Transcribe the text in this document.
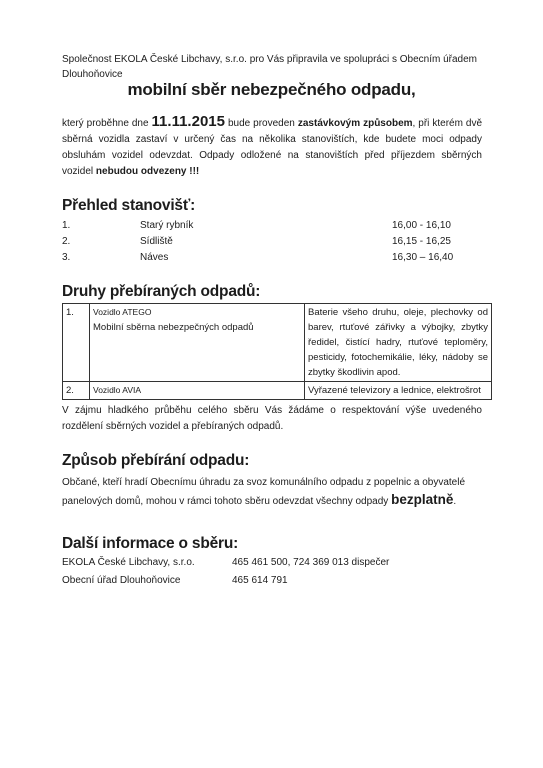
Společnost EKOLA České Libchavy, s.r.o. pro Vás připravila ve spolupráci s Obecním úřadem
Dlouhoňovice
mobilní sběr nebezpečného odpadu,
který proběhne dne 11.11.2015 bude proveden zastávkovým způsobem, při kterém dvě sběrná vozidla zastaví v určený čas na několika stanovištích, kde budete moci odpady obsluhám vozidel odevzdat. Odpady odložené na stanovištích před příjezdem sběrných vozidel nebudou odvezeny !!!
Přehled stanovišť:
1.	Starý rybník	16,00 - 16,10
2.	Sídliště	16,15 - 16,25
3.	Náves	16,30 – 16,40
Druhy přebíraných odpadů:
1.	Vozidlo ATEGO
Mobilní sběrna nebezpečných odpadů	Baterie všeho druhu, oleje, plechovky od barev, rtuťové zářivky a výbojky, zbytky ředidel, čistící hadry, rtuťové teploměry, pesticidy, fotochemikálie, léky, nádoby se zbytky škodlivin apod.
2.	Vozidlo AVIA	Vyřazené televizory a lednice, elektrošrot
V zájmu hladkého průběhu celého sběru Vás žádáme o respektování výše uvedeného rozdělení sběrných vozidel a přebíraných odpadů.
Způsob přebírání odpadu:
Občané, kteří hradí Obecnímu úhradu za svoz komunálního odpadu z popelnic a obyvatelé panelových domů, mohou v rámci tohoto sběru odevzdat všechny odpady bezplatně.
Další informace o sběru:
EKOLA České Libchavy, s.r.o.	465 461 500, 724 369 013 dispečer
Obecní úřad Dlouhoňovice	465 614 791
